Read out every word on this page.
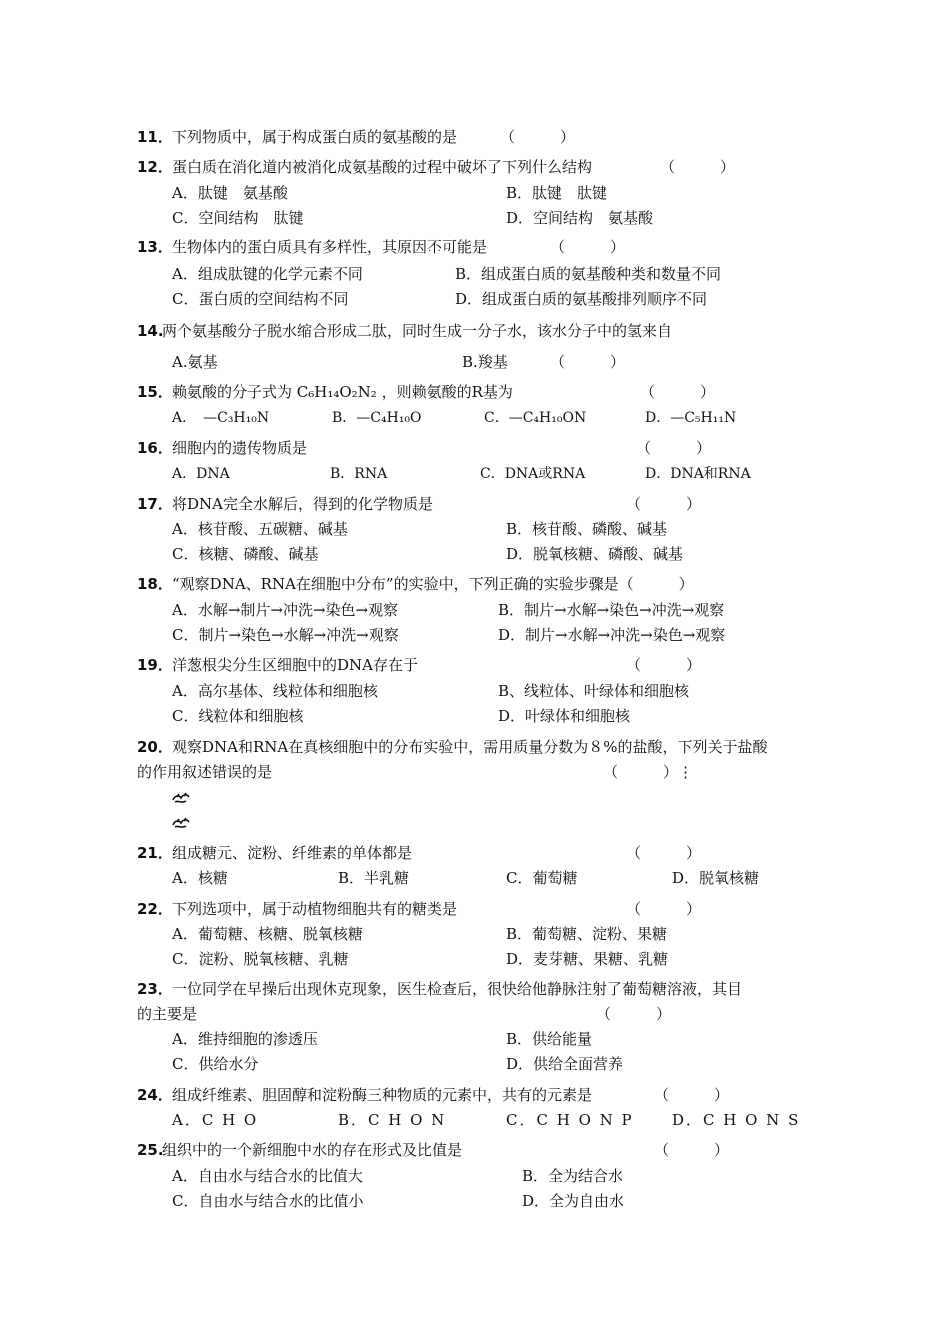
11．

下列物质中，属于构成蛋白质的氨基酸的是

	（　　　）

12．

蛋白质在消化道内被消化成氨基酸的过程中破坏了下列什么结构

	（　　　）

A．肽键　氨基酸

	B．肽键　肽键

C．空间结构　肽键

	D．空间结构　氨基酸

13．

生物体内的蛋白质具有多样性，其原因不可能 ·  ·  ·是

	（　　　）

A．组成肽键的化学元素不同

	B．组成蛋白质的氨基酸种类和数量不同

C．蛋白质的空间结构不同

	D．组成蛋白质的氨基酸排列顺序不同

14.

两个氨基酸分子脱水缩合形成二肽，同时生成一分子水，该水分子中的氢来自

A.氨基

	B.羧基

	（　　　）

15．

赖氨酸的分子式为 C₆H₁₄O₂N₂ ，则赖氨酸的R基为

	（　　　）

A．　—C₃H₁₀N

	B．—C₄H₁₀O

	C．—C₄H₁₀ON

	D．—C₅H₁₁N

16．

细胞内的遗传物质是

	（　　　）

A．DNA

	B．RNA

	C．DNA或RNA

	D．DNA和RNA

17．

将DNA完全水解后，得到的化学物质是

	（　　　）

A．核苷酸、五碳糖、碱基

	B．核苷酸、磷酸、碱基

C．核糖、磷酸、碱基

	D．脱氧核糖、磷酸、碱基

18．

“观察DNA、RNA在细胞中分布”的实验中，下列正确的实验步骤是（　　　）

A．水解→制片→冲洗→染色→观察

	B．制片→水解→染色→冲洗→观察

C．制片→染色→水解→冲洗→观察

	D．制片→水解→冲洗→染色→观察

19．

洋葱根尖分生区细胞中的DNA存在于

	（　　　）

A．高尔基体、线粒体和细胞核

	B、线粒体、叶绿体和细胞核

C．线粒体和细胞核

	D．叶绿体和细胞核

20．

观察DNA和RNA在真核细胞中的分布实验中，需用质量分数为８%的盐酸，下列关于盐酸

的作用叙述错误的是

	（　　　）⋮

21．

组成糖元、淀粉、纤维素的单体都是

	（　　　）

A．核糖

	B．半乳糖

	C．葡萄糖

	D．脱氧核糖

22．

下列选项中，属于动植物细胞共有的糖类是

	（　　　）

A．葡萄糖、核糖、脱氧核糖

	B．葡萄糖、淀粉、果糖

C．淀粉、脱氧核糖、乳糖

	D．麦芽糖、果糖、乳糖

23．

一位同学在早操后出现休克现象，医生检查后，很快给他静脉注射了葡萄糖溶液，其目

的主要是

	（　　　）

A．维持细胞的渗透压

	B．供给能量

C．供给水分

	D．供给全面营养

24．

组成纤维素、胆固醇和淀粉酶三种物质的元素中，共有的元素是

	（　　　）

A．C H O

	B．C H O N

	C．C H O N P

	D．C H O N S

25.

组织中的一个新细胞中水的存在形式及比值是

	（　　　）

A．自由水与结合水的比值大

	B．全为结合水

C．自由水与结合水的比值小

	D．全为自由水
